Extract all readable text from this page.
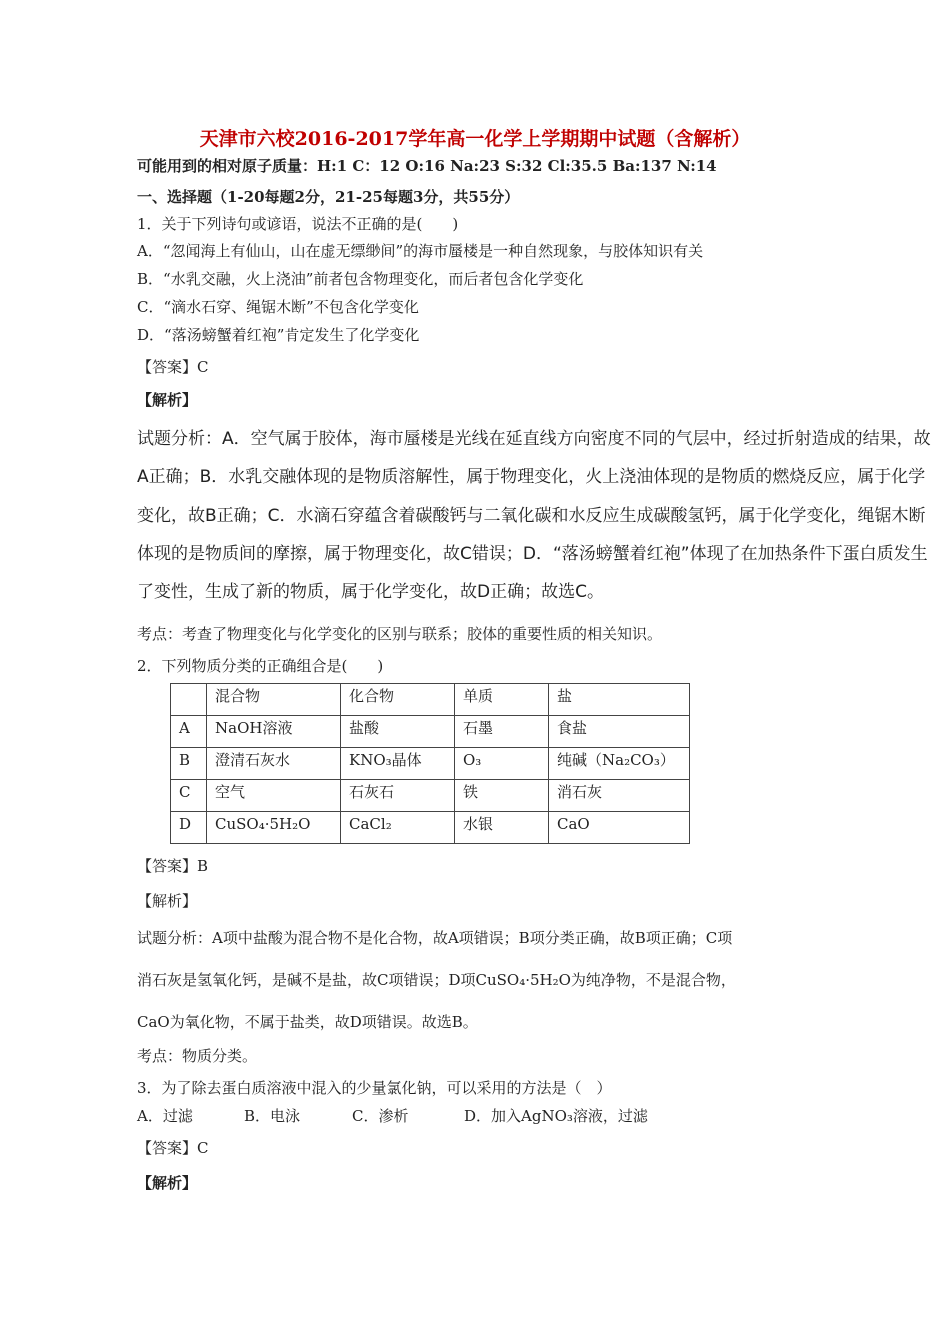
天津市六校2016-2017学年高一化学上学期期中试题（含解析）
可能用到的相对原子质量：H:1 C：12 O:16 Na:23 S:32 Cl:35.5 Ba:137 N:14
一、选择题（1-20每题2分，21-25每题3分，共55分）
1．关于下列诗句或谚语，说法不正确的是(　　)
A．“忽闻海上有仙山，山在虚无缥缈间”的海市蜃楼是一种自然现象，与胶体知识有关
B．“水乳交融，火上浇油”前者包含物理变化，而后者包含化学变化
C．“滴水石穿、绳锯木断”不包含化学变化
D．“落汤螃蟹着红袍”肯定发生了化学变化
【答案】C
【解析】
试题分析：A．空气属于胶体，海市蜃楼是光线在延直线方向密度不同的气层中，经过折射造成的结果，故
A正确；B．水乳交融体现的是物质溶解性，属于物理变化，火上浇油体现的是物质的燃烧反应，属于化学
变化，故B正确；C．水滴石穿蕴含着碳酸钙与二氧化碳和水反应生成碳酸氢钙，属于化学变化，绳锯木断
体现的是物质间的摩擦，属于物理变化，故C错误；D．“落汤螃蟹着红袍”体现了在加热条件下蛋白质发生
了变性，生成了新的物质，属于化学变化，故D正确；故选C。
考点：考查了物理变化与化学变化的区别与联系；胶体的重要性质的相关知识。
2．下列物质分类的正确组合是(　　)
	混合物	化合物	单质	盐
A	NaOH溶液	盐酸	石墨	食盐
B	澄清石灰水	KNO₃晶体	O₃	纯碱（Na₂CO₃）
C	空气	石灰石	铁	消石灰
D	CuSO₄·5H₂O	CaCl₂	水银	CaO
【答案】B
【解析】
试题分析：A项中盐酸为混合物不是化合物，故A项错误；B项分类正确，故B项正确；C项
消石灰是氢氧化钙，是碱不是盐，故C项错误；D项CuSO₄·5H₂O为纯净物，不是混合物，
CaO为氧化物，不属于盐类，故D项错误。故选B。
考点：物质分类。
3．为了除去蛋白质溶液中混入的少量氯化钠，可以采用的方法是（　）
A．过滤	B．电泳	C．渗析	D．加入AgNO₃溶液，过滤
【答案】C
【解析】
